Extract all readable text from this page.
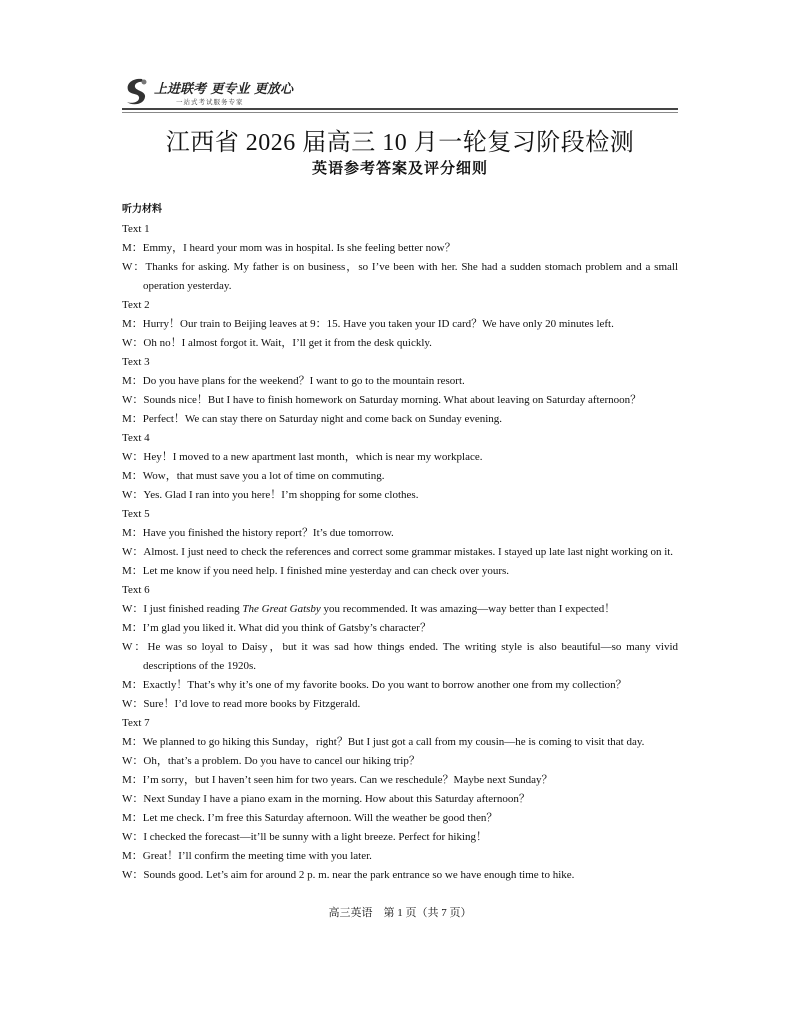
上进联考 更专业 更放心
一站式考试服务专家
江西省 2026 届高三 10 月一轮复习阶段检测
英语参考答案及评分细则
听力材料
Text 1
M：Emmy，I heard your mom was in hospital. Is she feeling better now？
W：Thanks for asking. My father is on business，so I’ve been with her. She had a sudden stomach problem and a small operation yesterday.
Text 2
M：Hurry！Our train to Beijing leaves at 9：15. Have you taken your ID card？We have only 20 minutes left.
W：Oh no！I almost forgot it. Wait，I’ll get it from the desk quickly.
Text 3
M：Do you have plans for the weekend？I want to go to the mountain resort.
W：Sounds nice！But I have to finish homework on Saturday morning. What about leaving on Saturday afternoon？
M：Perfect！We can stay there on Saturday night and come back on Sunday evening.
Text 4
W：Hey！I moved to a new apartment last month，which is near my workplace.
M：Wow，that must save you a lot of time on commuting.
W：Yes. Glad I ran into you here！I’m shopping for some clothes.
Text 5
M：Have you finished the history report？It’s due tomorrow.
W：Almost. I just need to check the references and correct some grammar mistakes. I stayed up late last night working on it.
M：Let me know if you need help. I finished mine yesterday and can check over yours.
Text 6
W：I just finished reading The Great Gatsby you recommended. It was amazing—way better than I expected！
M：I’m glad you liked it. What did you think of Gatsby’s character？
W：He was so loyal to Daisy，but it was sad how things ended. The writing style is also beautiful—so many vivid descriptions of the 1920s.
M：Exactly！That’s why it’s one of my favorite books. Do you want to borrow another one from my collection？
W：Sure！I’d love to read more books by Fitzgerald.
Text 7
M：We planned to go hiking this Sunday，right？But I just got a call from my cousin—he is coming to visit that day.
W：Oh，that’s a problem. Do you have to cancel our hiking trip？
M：I’m sorry，but I haven’t seen him for two years. Can we reschedule？Maybe next Sunday？
W：Next Sunday I have a piano exam in the morning. How about this Saturday afternoon？
M：Let me check. I’m free this Saturday afternoon. Will the weather be good then？
W：I checked the forecast—it’ll be sunny with a light breeze. Perfect for hiking！
M：Great！I’ll confirm the meeting time with you later.
W：Sounds good. Let’s aim for around 2 p. m. near the park entrance so we have enough time to hike.
高三英语　第 1 页（共 7 页）
